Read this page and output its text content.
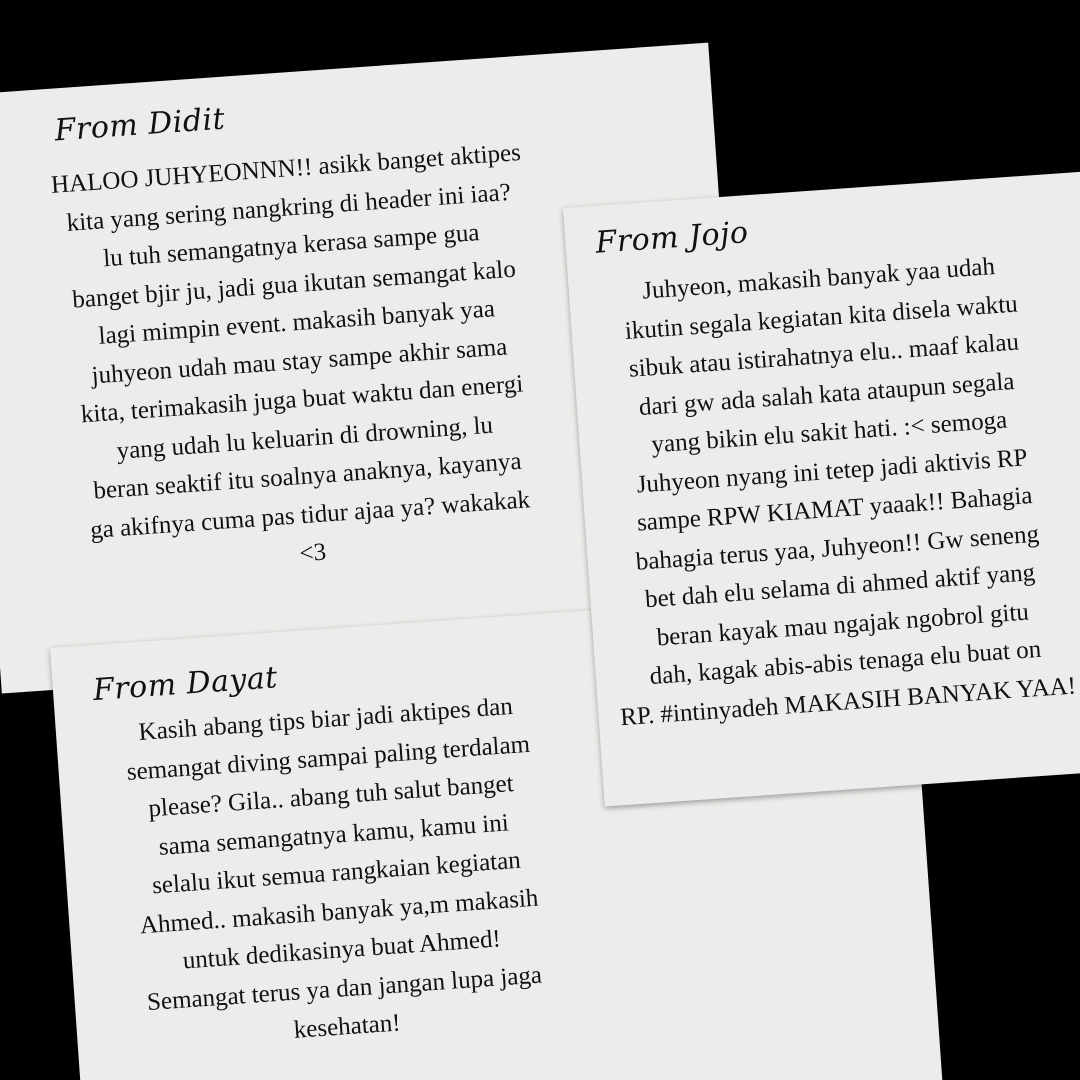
From Didit

HALOO JUHYEONNN!! asikk banget aktipes
kita yang sering nangkring di header ini iaa?
lu tuh semangatnya kerasa sampe gua
banget bjir ju, jadi gua ikutan semangat kalo
lagi mimpin event. makasih banyak yaa
juhyeon udah mau stay sampe akhir sama
kita, terimakasih juga buat waktu dan energi
yang udah lu keluarin di drowning, lu
beran seaktif itu soalnya anaknya, kayanya
ga akifnya cuma pas tidur ajaa ya? wakakak
<3

From Dayat

Kasih abang tips biar jadi aktipes dan
semangat diving sampai paling terdalam
please? Gila.. abang tuh salut banget
sama semangatnya kamu, kamu ini
selalu ikut semua rangkaian kegiatan
Ahmed.. makasih banyak ya,m makasih
untuk dedikasinya buat Ahmed!
Semangat terus ya dan jangan lupa jaga
kesehatan!

From Jojo

Juhyeon, makasih banyak yaa udah
ikutin segala kegiatan kita disela waktu
sibuk atau istirahatnya elu.. maaf kalau
dari gw ada salah kata ataupun segala
yang bikin elu sakit hati. :< semoga
Juhyeon nyang ini tetep jadi aktivis RP
sampe RPW KIAMAT yaaak!! Bahagia
bahagia terus yaa, Juhyeon!! Gw seneng
bet dah elu selama di ahmed aktif yang
beran kayak mau ngajak ngobrol gitu
dah, kagak abis-abis tenaga elu buat on
RP. #intinyadeh MAKASIH BANYAK YAA!
